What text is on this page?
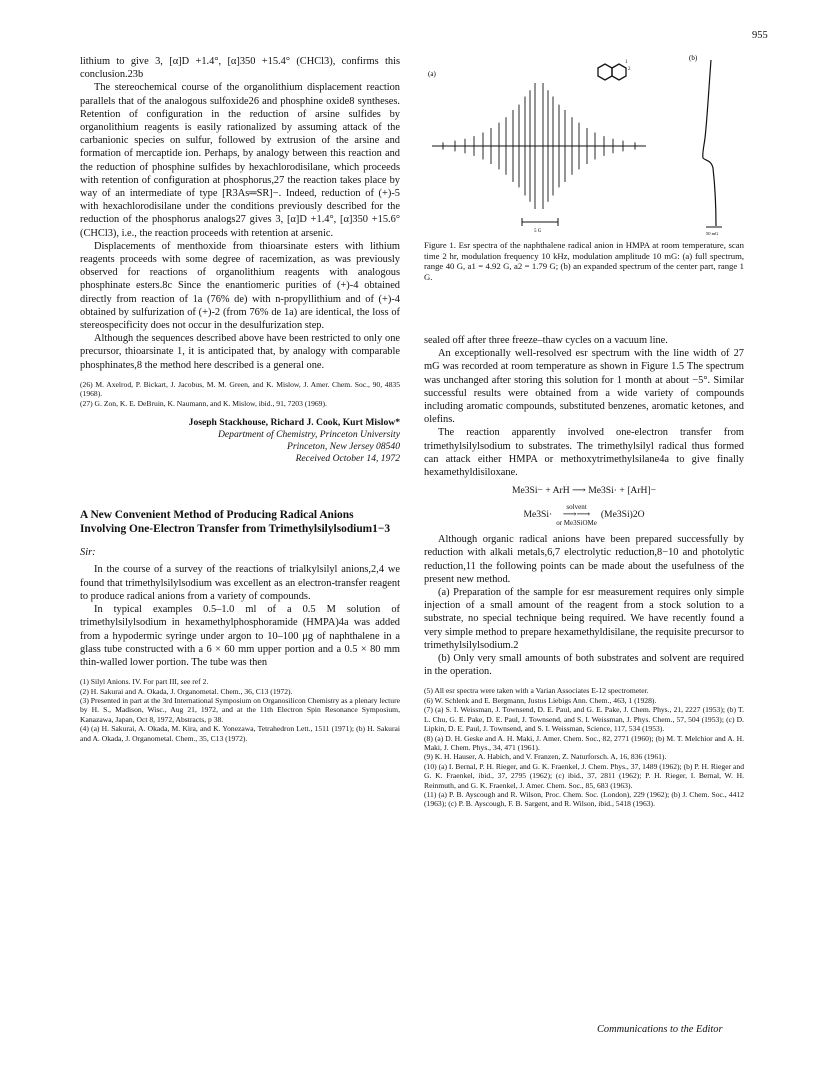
955

lithium to give 3, [α]D +1.4°, [α]350 +15.4° (CHCl3), confirms this conclusion.23b

The stereochemical course of the organolithium displacement reaction parallels that of the analogous sulfoxide26 and phosphine oxide8 syntheses. Retention of configuration in the reduction of arsine sulfides by organolithium reagents is easily rationalized by assuming attack of the carbanionic species on sulfur, followed by extrusion of the arsine and formation of mercaptide ion. Perhaps, by analogy between this reaction and the reduction of phosphine sulfides by hexachlorodisilane, which proceeds with retention of configuration at phosphorus,27 the reaction takes place by way of an intermediate of type [R3As═SR]−. Indeed, reduction of (+)-5 with hexachlorodisilane under the conditions previously described for the reduction of the phosphorus analogs27 gives 3, [α]D +1.4°, [α]350 +15.6° (CHCl3), i.e., the reaction proceeds with retention at arsenic.

Displacements of menthoxide from thioarsinate esters with lithium reagents proceeds with some degree of racemization, as was previously observed for reactions of organolithium reagents with analogous phosphinate esters.8c Since the enantiomeric purities of (+)-4 obtained directly from reaction of 1a (76% de) with n-propyllithium and of (+)-4 obtained by sulfurization of (+)-2 (from 76% de 1a) are identical, the loss of stereospecificity does not occur in the desulfurization step.

Although the sequences described above have been restricted to only one precursor, thioarsinate 1, it is anticipated that, by analogy with comparable phosphinates,8 the method here described is a general one.

(26) M. Axelrod, P. Bickart, J. Jacobus, M. M. Green, and K. Mislow, J. Amer. Chem. Soc., 90, 4835 (1968).

(27) G. Zon, K. E. DeBruin, K. Naumann, and K. Mislow, ibid., 91, 7203 (1969).

Joseph Stackhouse, Richard J. Cook, Kurt Mislow*

Department of Chemistry, Princeton University

Princeton, New Jersey 08540

Received October 14, 1972

A New Convenient Method of Producing Radical Anions Involving One-Electron Transfer from Trimethylsilylsodium1−3

Sir:

In the course of a survey of the reactions of trialkylsilyl anions,2,4 we found that trimethylsilylsodium was excellent as an electron-transfer reagent to produce radical anions from a variety of compounds.

In typical examples 0.5–1.0 ml of a 0.5 M solution of trimethylsilylsodium in hexamethylphosphoramide (HMPA)4a was added from a hypodermic syringe under argon to 10–100 μg of naphthalene in a glass tube constructed with a 6 × 60 mm upper portion and a 0.5 × 80 mm thin-walled lower portion. The tube was then

(1) Silyl Anions. IV. For part III, see ref 2.

(2) H. Sakurai and A. Okada, J. Organometal. Chem., 36, C13 (1972).

(3) Presented in part at the 3rd International Symposium on Organosilicon Chemistry as a plenary lecture by H. S., Madison, Wisc., Aug 21, 1972, and at the 11th Electron Spin Resonance Symposium, Kanazawa, Japan, Oct 8, 1972, Abstracts, p 38.

(4) (a) H. Sakurai, A. Okada, M. Kira, and K. Yonezawa, Tetrahedron Lett., 1511 (1971); (b) H. Sakurai and A. Okada, J. Organometal. Chem., 35, C13 (1972).

(a)
(b)
1
2
5 G	50 mG
Figure 1. Esr spectra of the naphthalene radical anion in HMPA at room temperature, scan time 2 hr, modulation frequency 10 kHz, modulation amplitude 10 mG: (a) full spectrum, range 40 G, a1 = 4.92 G, a2 = 1.79 G; (b) an expanded spectrum of the center part, range 1 G.

sealed off after three freeze–thaw cycles on a vacuum line.

An exceptionally well-resolved esr spectrum with the line width of 27 mG was recorded at room temperature as shown in Figure 1.5 The spectrum was unchanged after storing this solution for 1 month at about −5°. Similar successful results were obtained from a wide variety of compounds including aromatic compounds, substituted benzenes, aromatic ketones, and olefins.

The reaction apparently involved one-electron transfer from trimethylsilylsodium to substrates. The trimethylsilyl radical thus formed can attack either HMPA or methoxytrimethylsilane4a to give finally hexamethyldisiloxane.

Me3Si− + ArH ⟶ Me3Si· + [ArH]−

Me3Si·
solvent
⟶⟶
or Me3SiOMe
(Me3Si)2O

Although organic radical anions have been prepared successfully by reduction with alkali metals,6,7 electrolytic reduction,8−10 and photolytic reduction,11 the following points can be made about the usefulness of the present new method.

(a) Preparation of the sample for esr measurement requires only simple injection of a small amount of the reagent from a stock solution to a substrate, no special technique being required. We have recently found a very simple method to prepare hexamethyldisilane, the requisite precursor to trimethylsilylsodium.2

(b) Only very small amounts of both substrates and solvent are required in the operation.

(5) All esr spectra were taken with a Varian Associates E-12 spectrometer.

(6) W. Schlenk and E. Bergmann, Justus Liebigs Ann. Chem., 463, 1 (1928).

(7) (a) S. I. Weissman, J. Townsend, D. E. Paul, and G. E. Pake, J. Chem. Phys., 21, 2227 (1953); (b) T. L. Chu, G. E. Pake, D. E. Paul, J. Townsend, and S. I. Weissman, J. Phys. Chem., 57, 504 (1953); (c) D. Lipkin, D. E. Paul, J. Townsend, and S. I. Weissman, Science, 117, 534 (1953).

(8) (a) D. H. Geske and A. H. Maki, J. Amer. Chem. Soc., 82, 2771 (1960); (b) M. T. Melchior and A. H. Maki, J. Chem. Phys., 34, 471 (1961).

(9) K. H. Hauser, A. Habich, and V. Franzen, Z. Naturforsch. A, 16, 836 (1961).

(10) (a) I. Bernal, P. H. Rieger, and G. K. Fraenkel, J. Chem. Phys., 37, 1489 (1962); (b) P. H. Rieger and G. K. Fraenkel, ibid., 37, 2795 (1962); (c) ibid., 37, 2811 (1962); P. H. Rieger, I. Bernal, W. H. Reinmuth, and G. K. Fraenkel, J. Amer. Chem. Soc., 85, 683 (1963).

(11) (a) P. B. Ayscough and R. Wilson, Proc. Chem. Soc. (London), 229 (1962); (b) J. Chem. Soc., 4412 (1963); (c) P. B. Ayscough, F. B. Sargent, and R. Wilson, ibid., 5418 (1963).

Communications to the Editor
